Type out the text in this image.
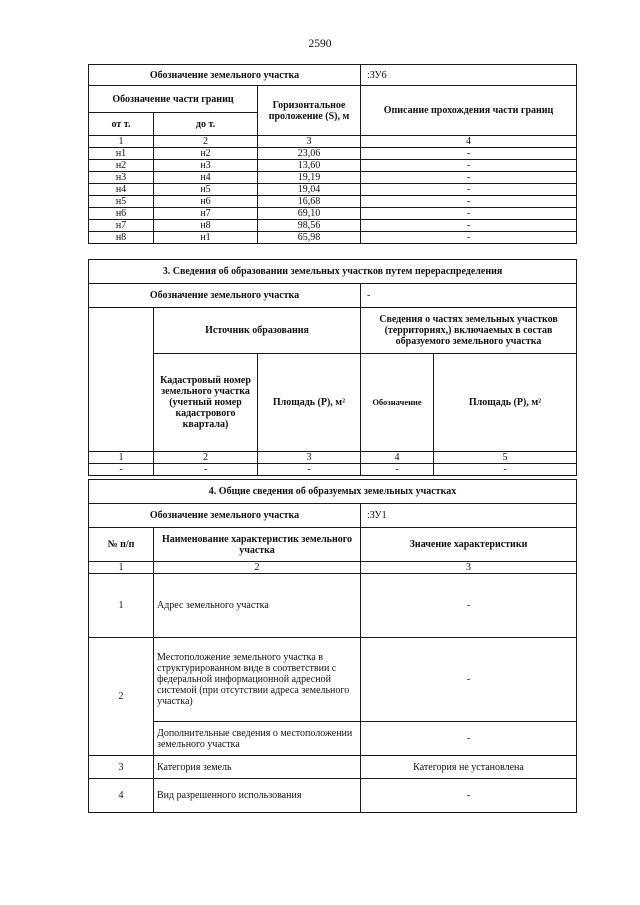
2590
Обозначение земельного участка			:ЗУ6
Обозначение части границ		Горизонтальное проложение (S), м	Описание прохождения части границ
от т.	до т.		
1	2	3	4
н1	н2	23,06	-
н2	н3	13,60	-
н3	н4	19,19	-
н4	н5	19,04	-
н5	н6	16,68	-
н6	н7	69,10	-
н7	н8	98,56	-
н8	н1	65,98	-
3. Сведения об образовании земельных участков путем перераспределения				
Обозначение земельного участка			-	
	Источник образования		Сведения о частях земельных участков (территориях,) включаемых в состав образуемого земельного участка	
	Кадастровый номер земельного участка (учетный номер кадастрового квартала)	Площадь (Р), м²	Обозначение	Площадь (Р), м²
1	2	3	4	5
-	-	-	-	-
4. Общие сведения об образуемых земельных участках		
Обозначение земельного участка		:ЗУ1
№ п/п	Наименование характеристик земельного участка	Значение характеристики
1	2	3
1	Адрес земельного участка	-
2	Местоположение земельного участка в структурированном виде в соответствии с федеральной информационной адресной системой (при отсутствии адреса земельного участка)	-
	Дополнительные сведения о местоположении земельного участка	-
3	Категория земель	Категория не установлена
4	Вид разрешенного использования	-
